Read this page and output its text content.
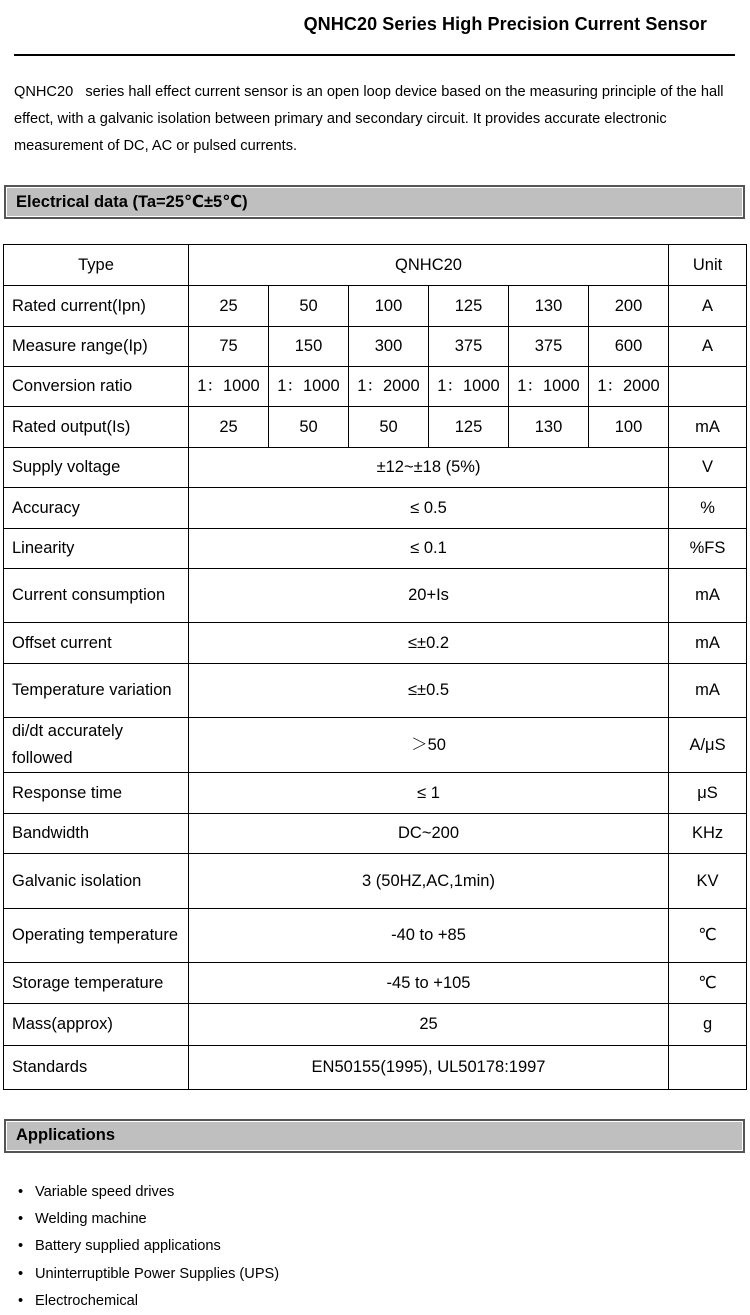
QNHC20 Series High Precision Current Sensor

QNHC20   series hall effect current sensor is an open loop device based on the measuring principle of the hall effect, with a galvanic isolation between primary and secondary circuit. It provides accurate electronic measurement of DC, AC or pulsed currents.

Electrical data (Ta=25℃±5℃)
Type	QNHC20						Unit
Rated current(Ipn)	25	50	100	125	130	200	A
Measure range(Ip)	75	150	300	375	375	600	A
Conversion ratio	1：1000	1：1000	1：2000	1：1000	1：1000	1：2000	
Rated output(Is)	25	50	50	125	130	100	mA
Supply voltage	±12~±18 (5%)						V
Accuracy	≤ 0.5						%
Linearity	≤ 0.1						%FS
Current consumption	20+Is						mA
Offset current	≤±0.2						mA
Temperature variation	≤±0.5						mA
di/dt accurately followed	＞50						A/μS
Response time	≤ 1						μS
Bandwidth	DC~200						KHz
Galvanic isolation	3 (50HZ,AC,1min)						KV
Operating temperature	-40 to +85						℃
Storage temperature	-45 to +105						℃
Mass(approx)	25						g
Standards	EN50155(1995), UL50178:1997						
Applications
• Variable speed drives
• Welding machine
• Battery supplied applications
• Uninterruptible Power Supplies (UPS)
• Electrochemical
